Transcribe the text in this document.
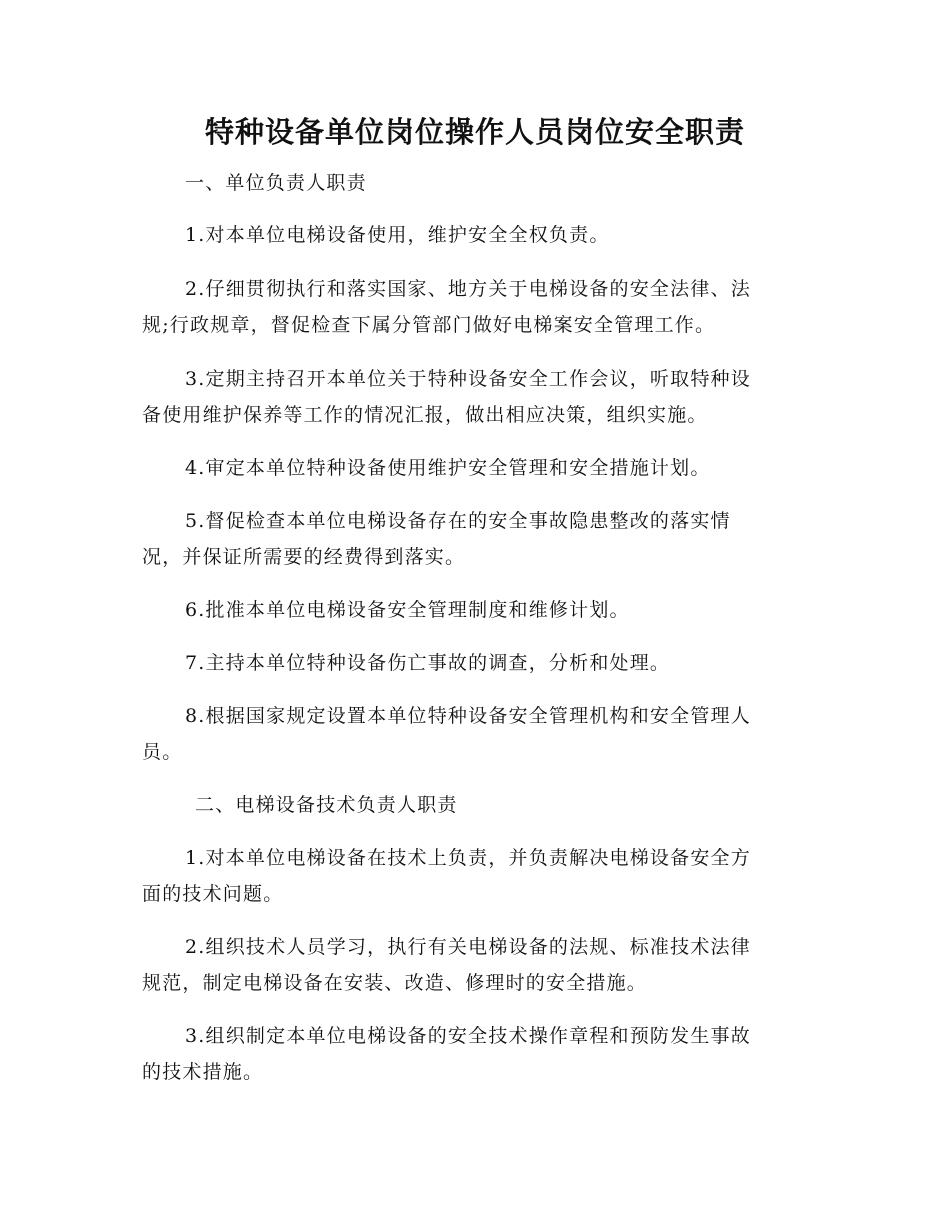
特种设备单位岗位操作人员岗位安全职责
一、单位负责人职责
1.对本单位电梯设备使用，维护安全全权负责。
2.仔细贯彻执行和落实国家、地方关于电梯设备的安全法律、法
规;行政规章，督促检查下属分管部门做好电梯案安全管理工作。
3.定期主持召开本单位关于特种设备安全工作会议，听取特种设
备使用维护保养等工作的情况汇报，做出相应决策，组织实施。
4.审定本单位特种设备使用维护安全管理和安全措施计划。
5.督促检查本单位电梯设备存在的安全事故隐患整改的落实情
况，并保证所需要的经费得到落实。
6.批准本单位电梯设备安全管理制度和维修计划。
7.主持本单位特种设备伤亡事故的调查，分析和处理。
8.根据国家规定设置本单位特种设备安全管理机构和安全管理人
员。
二、电梯设备技术负责人职责
1.对本单位电梯设备在技术上负责，并负责解决电梯设备安全方
面的技术问题。
2.组织技术人员学习，执行有关电梯设备的法规、标准技术法律
规范，制定电梯设备在安装、改造、修理时的安全措施。
3.组织制定本单位电梯设备的安全技术操作章程和预防发生事故
的技术措施。
